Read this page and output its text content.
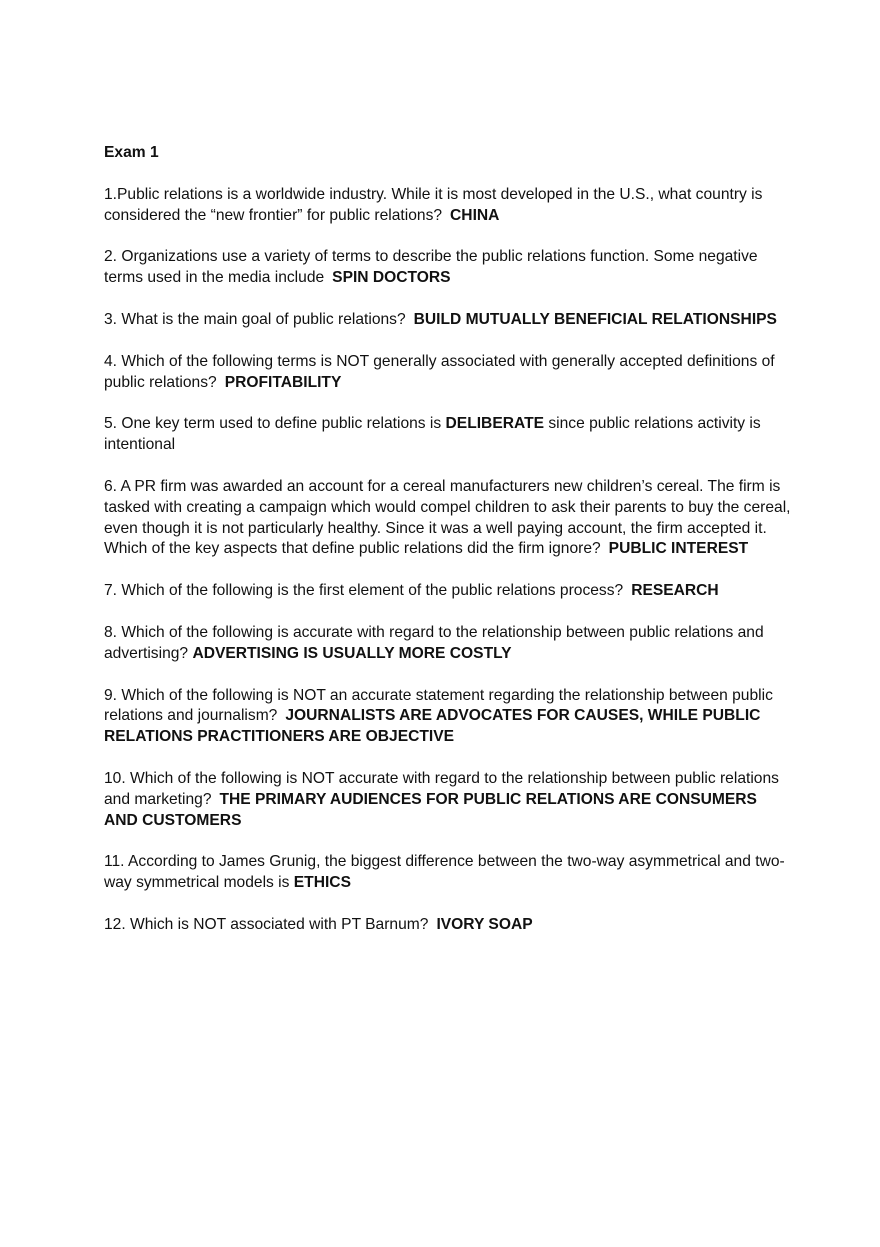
Exam 1
1.Public relations is a worldwide industry. While it is most developed in the U.S., what country is considered the “new frontier” for public relations? CHINA
2. Organizations use a variety of terms to describe the public relations function. Some negative terms used in the media include SPIN DOCTORS
3. What is the main goal of public relations? BUILD MUTUALLY BENEFICIAL RELATIONSHIPS
4. Which of the following terms is NOT generally associated with generally accepted definitions of public relations? PROFITABILITY
5. One key term used to define public relations is DELIBERATE since public relations activity is intentional
6. A PR firm was awarded an account for a cereal manufacturers new children’s cereal. The firm is tasked with creating a campaign which would compel children to ask their parents to buy the cereal, even though it is not particularly healthy. Since it was a well paying account, the firm accepted it. Which of the key aspects that define public relations did the firm ignore? PUBLIC INTEREST
7. Which of the following is the first element of the public relations process? RESEARCH
8. Which of the following is accurate with regard to the relationship between public relations and advertising? ADVERTISING IS USUALLY MORE COSTLY
9. Which of the following is NOT an accurate statement regarding the relationship between public relations and journalism? JOURNALISTS ARE ADVOCATES FOR CAUSES, WHILE PUBLIC RELATIONS PRACTITIONERS ARE OBJECTIVE
10. Which of the following is NOT accurate with regard to the relationship between public relations and marketing? THE PRIMARY AUDIENCES FOR PUBLIC RELATIONS ARE CONSUMERS AND CUSTOMERS
11. According to James Grunig, the biggest difference between the two-way asymmetrical and two-way symmetrical models is ETHICS
12. Which is NOT associated with PT Barnum? IVORY SOAP
